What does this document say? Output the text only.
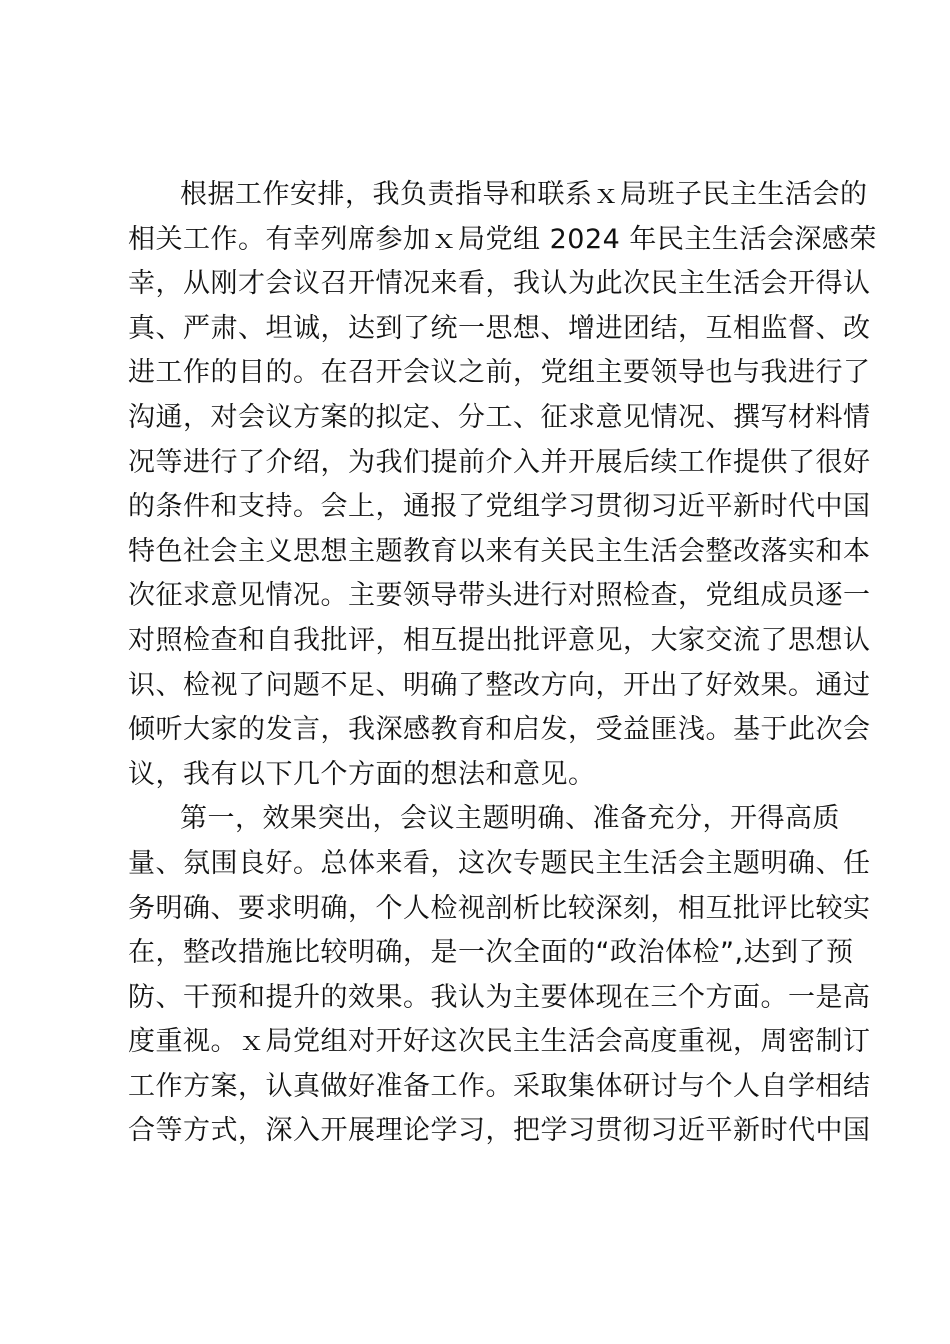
根据工作安排，我负责指导和联系ｘ局班子民主生活会的
相关工作。有幸列席参加ｘ局党组 2024 年民主生活会深感荣
幸，从刚才会议召开情况来看，我认为此次民主生活会开得认
真、严肃、坦诚，达到了统一思想、增进团结，互相监督、改
进工作的目的。在召开会议之前，党组主要领导也与我进行了
沟通，对会议方案的拟定、分工、征求意见情况、撰写材料情
况等进行了介绍，为我们提前介入并开展后续工作提供了很好
的条件和支持。会上，通报了党组学习贯彻习近平新时代中国
特色社会主义思想主题教育以来有关民主生活会整改落实和本
次征求意见情况。主要领导带头进行对照检查，党组成员逐一
对照检查和自我批评，相互提出批评意见，大家交流了思想认
识、检视了问题不足、明确了整改方向，开出了好效果。通过
倾听大家的发言，我深感教育和启发，受益匪浅。基于此次会
议，我有以下几个方面的想法和意见。
第一，效果突出，会议主题明确、准备充分，开得高质
量、氛围良好。总体来看，这次专题民主生活会主题明确、任
务明确、要求明确，个人检视剖析比较深刻，相互批评比较实
在，整改措施比较明确，是一次全面的“政治体检”,达到了预
防、干预和提升的效果。我认为主要体现在三个方面。一是高
度重视。ｘ局党组对开好这次民主生活会高度重视，周密制订
工作方案，认真做好准备工作。采取集体研讨与个人自学相结
合等方式，深入开展理论学习，把学习贯彻习近平新时代中国
